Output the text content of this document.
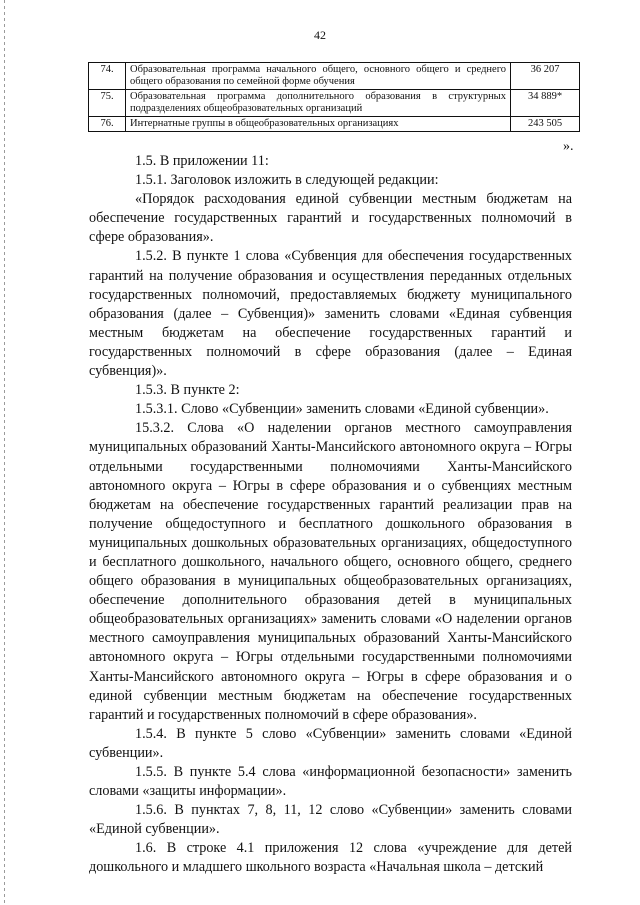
42
74.	Образовательная программа начального общего, основного общего и среднего общего образования по семейной форме обучения	36 207
75.	Образовательная программа дополнительного образования в структурных подразделениях общеобразовательных организаций	34 889*
76.	Интернатные группы в общеобразовательных организациях	243 505
».

1.5. В приложении 11:

1.5.1. Заголовок изложить в следующей редакции:

«Порядок расходования единой субвенции местным бюджетам на обеспечение государственных гарантий и государственных полномочий в сфере образования».

1.5.2. В пункте 1 слова «Субвенция для обеспечения государственных гарантий на получение образования и осуществления переданных отдельных государственных полномочий, предоставляемых бюджету муниципального образования (далее – Субвенция)» заменить словами «Единая субвенция местным бюджетам на обеспечение государственных гарантий и государственных полномочий в сфере образования (далее – Единая субвенция)».

1.5.3. В пункте 2:

1.5.3.1. Слово «Субвенции» заменить словами «Единой субвенции».

15.3.2. Слова «О наделении органов местного самоуправления муниципальных образований Ханты-Мансийского автономного округа – Югры отдельными государственными полномочиями Ханты-Мансийского автономного округа – Югры в сфере образования и о субвенциях местным бюджетам на обеспечение государственных гарантий реализации прав на получение общедоступного и бесплатного дошкольного образования в муниципальных дошкольных образовательных организациях, общедоступного и бесплатного дошкольного, начального общего, основного общего, среднего общего образования в муниципальных общеобразовательных организациях, обеспечение дополнительного образования детей в муниципальных общеобразовательных организациях» заменить словами «О наделении органов местного самоуправления муниципальных образований Ханты-Мансийского автономного округа – Югры отдельными государственными полномочиями Ханты-Мансийского автономного округа – Югры в сфере образования и о единой субвенции местным бюджетам на обеспечение государственных гарантий и государственных полномочий в сфере образования».

1.5.4. В пункте 5 слово «Субвенции» заменить словами «Единой субвенции».

1.5.5. В пункте 5.4 слова «информационной безопасности» заменить словами «защиты информации».

1.5.6. В пунктах 7, 8, 11, 12 слово «Субвенции» заменить словами «Единой субвенции».

1.6. В строке 4.1 приложения 12 слова «учреждение для детей дошкольного и младшего школьного возраста «Начальная школа – детский
